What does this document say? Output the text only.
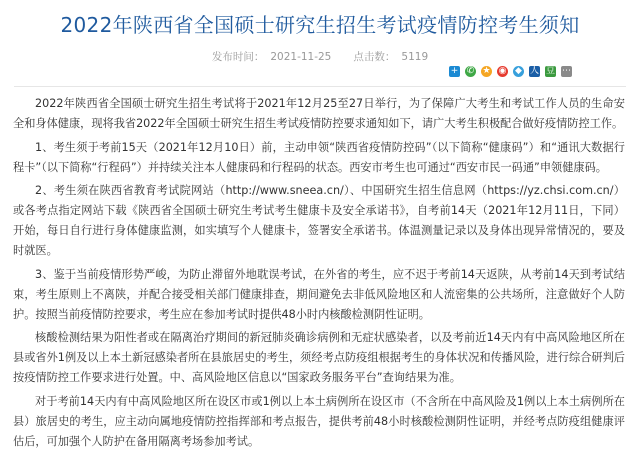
2022年陕西省全国硕士研究生招生考试疫情防控考生须知
发布时间： 2021-11-25 点击数： 5119
+ ✆ ★ ◉ ◆ 人 豆 ⋯

2022年陕西省全国硕士研究生招生考试将于2021年12月25至27日举行，为了保障广大考生和考试工作人员的生命安全和身体健康，现将我省2022年全国硕士研究生招生考试疫情防控要求通知如下，请广大考生积极配合做好疫情防控工作。

1、考生须于考前15天（2021年12月10日）前，主动申领“陕西省疫情防控码”（以下简称“健康码”）和“通讯大数据行程卡”（以下简称“行程码”）并持续关注本人健康码和行程码的状态。西安市考生也可通过“西安市民一码通”申领健康码。

2、考生须在陕西省教育考试院网站（http://www.sneea.cn/）、中国研究生招生信息网（https://yz.chsi.com.cn/）或各考点指定网站下载《陕西省全国硕士研究生考试考生健康卡及安全承诺书》，自考前14天（2021年12月11日，下同）开始，每日自行进行身体健康监测，如实填写个人健康卡，签署安全承诺书。体温测量记录以及身体出现异常情况的，要及时就医。

3、鉴于当前疫情形势严峻，为防止滞留外地耽误考试，在外省的考生，应不迟于考前14天返陕，从考前14天到考试结束，考生原则上不离陕，并配合接受相关部门健康排查，期间避免去非低风险地区和人流密集的公共场所，注意做好个人防护。按照当前疫情防控要求，考生应在参加考试时提供48小时内核酸检测阴性证明。

核酸检测结果为阳性者或在隔离治疗期间的新冠肺炎确诊病例和无症状感染者，以及考前近14天内有中高风险地区所在县或省外1例及以上本土新冠感染者所在县旅居史的考生，须经考点防疫组根据考生的身体状况和传播风险，进行综合研判后按疫情防控工作要求进行处置。中、高风险地区信息以“国家政务服务平台”查询结果为准。

对于考前14天内有中高风险地区所在设区市或1例以上本土病例所在设区市（不含所在中高风险及1例以上本土病例所在县）旅居史的考生，应主动向属地疫情防控指挥部和考点报告，提供考前48小时核酸检测阴性证明，并经考点防疫组健康评估后，可加强个人防护在备用隔离考场参加考试。
